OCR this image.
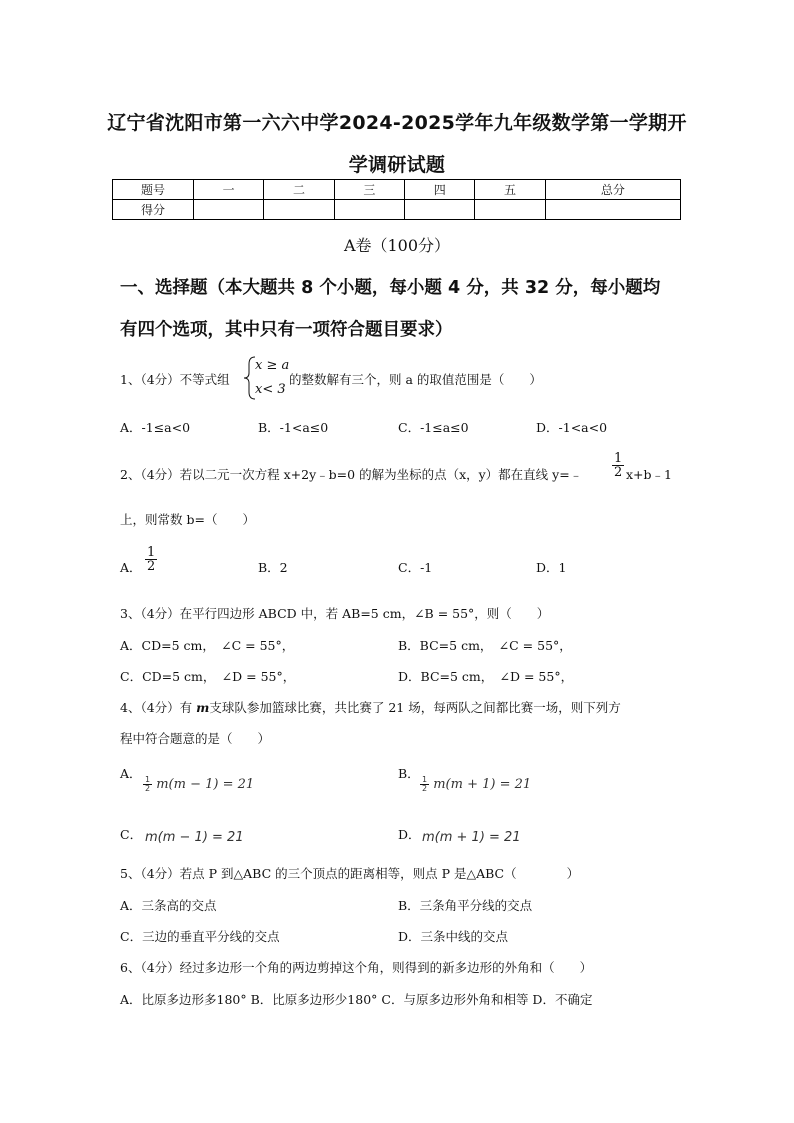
辽宁省沈阳市第一六六中学2024-2025学年九年级数学第一学期开
学调研试题
题号	一	二	三	四	五	总分
得分						
A卷（100分）
一、选择题（本大题共 8 个小题，每小题 4 分，共 32 分，每小题均
有四个选项，其中只有一项符合题目要求）
1、（4分）不等式组
x ≥ a
x< 3
的整数解有三个，则 a 的取值范围是（　　）
A．-1≤a<0	B．-1<a≤0	C．-1≤a≤0	D．-1<a<0
2、（4分）若以二元一次方程 x+2y﹣b=0 的解为坐标的点（x，y）都在直线 y=﹣ $\frac{1}{2}$ x+b﹣1
上，则常数 b=（　　）
A． $\frac{1}{2}$	B．2	C．-1	D．1
3、（4分）在平行四边形 ABCD 中，若 AB=5 cm，∠B = 55°，则（　　）
A．CD=5 cm，　∠C = 55°，	B．BC=5 cm，　∠C = 55°，
C．CD=5 cm，　∠D = 55°，	D．BC=5 cm，　∠D = 55°，
4、（4分）有 m支球队参加篮球比赛，共比赛了 21 场，每两队之间都比赛一场，则下列方
程中符合题意的是（　　）
A．
$\frac{1}{2} m(m - 1) = 21$
B．
$\frac{1}{2} m(m + 1) = 21$
C． m(m − 1) = 21	D． m(m + 1) = 21
5、（4分）若点 P 到△ABC 的三个顶点的距离相等，则点 P 是△ABC（　　　　）
A．三条高的交点	B．三条角平分线的交点
C．三边的垂直平分线的交点	D．三条中线的交点
6、（4分）经过多边形一个角的两边剪掉这个角，则得到的新多边形的外角和（　　）
A．比原多边形多180° B．比原多边形少180° C．与原多边形外角和相等 D．不确定
